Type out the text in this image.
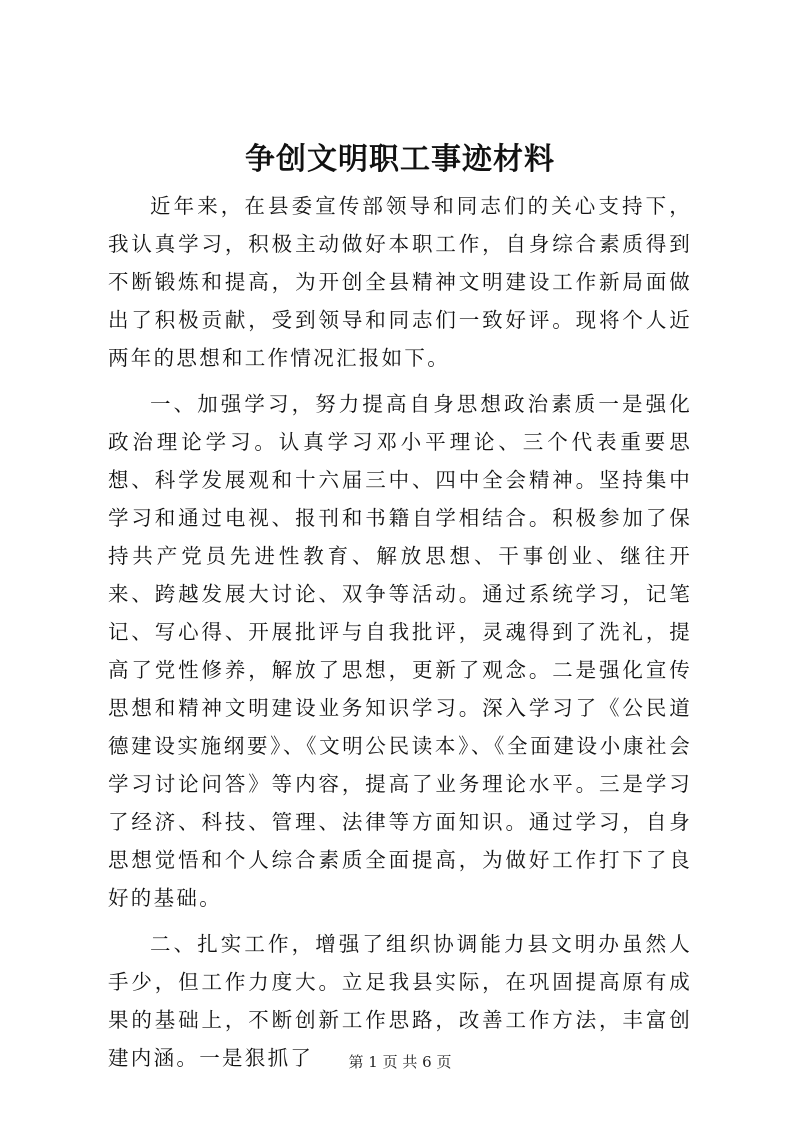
争创文明职工事迹材料

近年来，在县委宣传部领导和同志们的关心支持下，我认真学习，积极主动做好本职工作，自身综合素质得到不断锻炼和提高，为开创全县精神文明建设工作新局面做出了积极贡献，受到领导和同志们一致好评。现将个人近两年的思想和工作情况汇报如下。

一、加强学习，努力提高自身思想政治素质一是强化政治理论学习。认真学习邓小平理论、三个代表重要思想、科学发展观和十六届三中、四中全会精神。坚持集中学习和通过电视、报刊和书籍自学相结合。积极参加了保持共产党员先进性教育、解放思想、干事创业、继往开来、跨越发展大讨论、双争等活动。通过系统学习，记笔记、写心得、开展批评与自我批评，灵魂得到了洗礼，提高了党性修养，解放了思想，更新了观念。二是强化宣传思想和精神文明建设业务知识学习。深入学习了《公民道德建设实施纲要》、《文明公民读本》、《全面建设小康社会学习讨论问答》等内容，提高了业务理论水平。三是学习了经济、科技、管理、法律等方面知识。通过学习，自身思想觉悟和个人综合素质全面提高，为做好工作打下了良好的基础。

二、扎实工作，增强了组织协调能力县文明办虽然人手少，但工作力度大。立足我县实际，在巩固提高原有成果的基础上，不断创新工作思路，改善工作方法，丰富创建内涵。一是狠抓了	第 1 页 共 6 页
